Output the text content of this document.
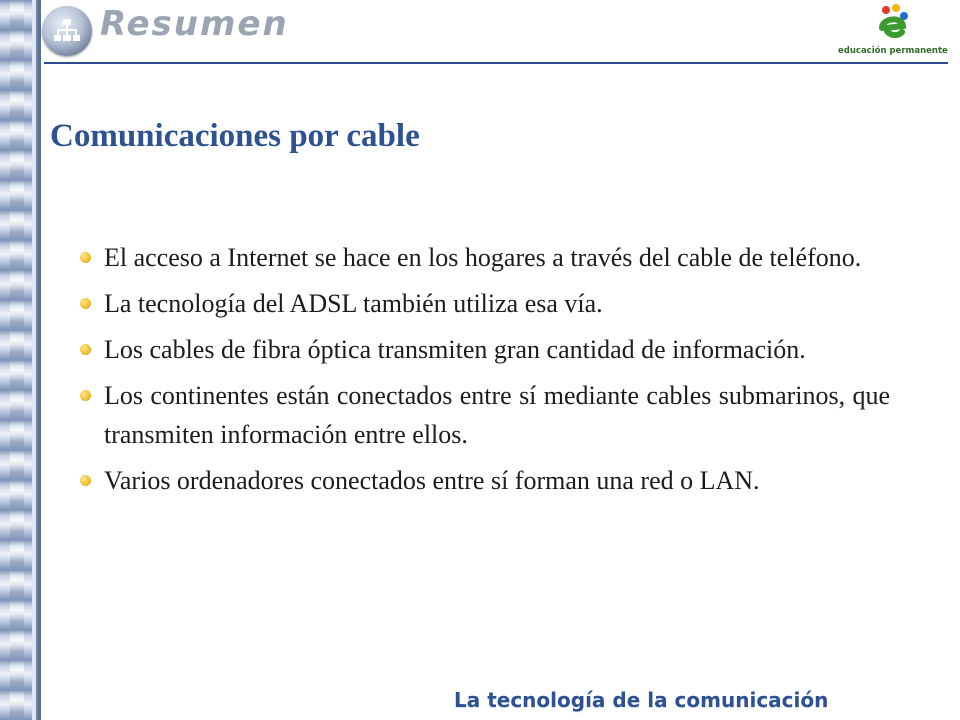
Resumen
educación permanente
Comunicaciones por cable
El acceso a Internet se hace en los hogares a través del cable de teléfono.
La tecnología del ADSL también utiliza esa vía.
Los cables de fibra óptica transmiten gran cantidad de información.
Los continentes están conectados entre sí mediante cables submarinos, que transmiten información entre ellos.
Varios ordenadores conectados entre sí forman una red o LAN.
La tecnología de la comunicación
